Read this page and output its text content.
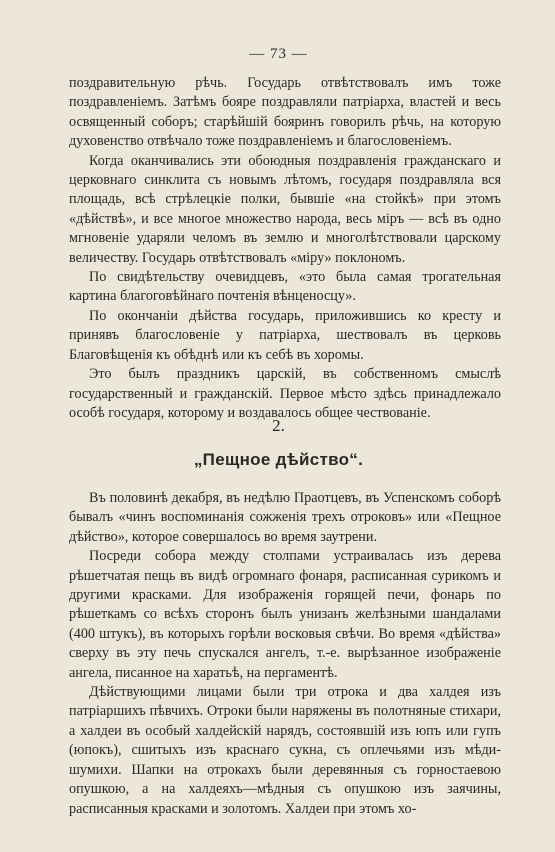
— 73 —

поздравительную рѣчь. Государь отвѣтствовалъ имъ тоже поздравленіемъ. Затѣмъ бояре поздравляли патріарха, властей и весь освященный соборъ; старѣйшій бояринъ говорилъ рѣчь, на которую духовенство отвѣчало тоже поздравленіемъ и благословеніемъ.

Когда оканчивались эти обоюдныя поздравленія гражданскаго и церковнаго синклита съ новымъ лѣтомъ, государя поздравляла вся площадь, всѣ стрѣлецкіе полки, бывшіе «на стойкѣ» при этомъ «дѣйствѣ», и все многое множество народа, весь міръ — всѣ въ одно мгновеніе ударяли челомъ въ землю и многолѣтствовали царскому величеству. Государь отвѣтствовалъ «міру» поклономъ.

По свидѣтельству очевидцевъ, «это была самая трогательная картина благоговѣйнаго почтенія вѣнценосцу».

По окончаніи дѣйства государь, приложившись ко кресту и принявъ благословеніе у патріарха, шествовалъ въ церковь Благовѣщенія къ обѣднѣ или къ себѣ въ хоромы.

Это былъ праздникъ царскій, въ собственномъ смыслѣ государственный и гражданскій. Первое мѣсто здѣсь принадлежало особѣ государя, которому и воздавалось общее чествованіе.

2.
„Пещное дѣйство“.

Въ половинѣ декабря, въ недѣлю Праотцевъ, въ Успенскомъ соборѣ бывалъ «чинъ воспоминанія сожженія трехъ отроковъ» или «Пещное дѣйство», которое совершалось во время заутрени.

Посреди собора между столпами устраивалась изъ дерева рѣшетчатая пещь въ видѣ огромнаго фонаря, расписанная сурикомъ и другими красками. Для изображенія горящей печи, фонарь по рѣшеткамъ со всѣхъ сторонъ былъ унизанъ желѣзными шандалами (400 штукъ), въ которыхъ горѣли восковыя свѣчи. Во время «дѣйства» сверху въ эту печь спускался ангелъ, т.-е. вырѣзанное изображеніе ангела, писанное на харатьѣ, на пергаментѣ.

Дѣйствующими лицами были три отрока и два халдея изъ патріаршихъ пѣвчихъ. Отроки были наряжены въ полотняные стихари, а халдеи въ особый халдейскій нарядъ, состоявшій изъ юпъ или гупъ (юпокъ), сшитыхъ изъ краснаго сукна, съ оплечьями изъ мѣди-шумихи. Шапки на отрокахъ были деревянныя съ горностаевою опушкою, а на халдеяхъ—мѣдныя съ опушкою изъ заячины, расписанныя красками и золотомъ. Халдеи при этомъ хо-
